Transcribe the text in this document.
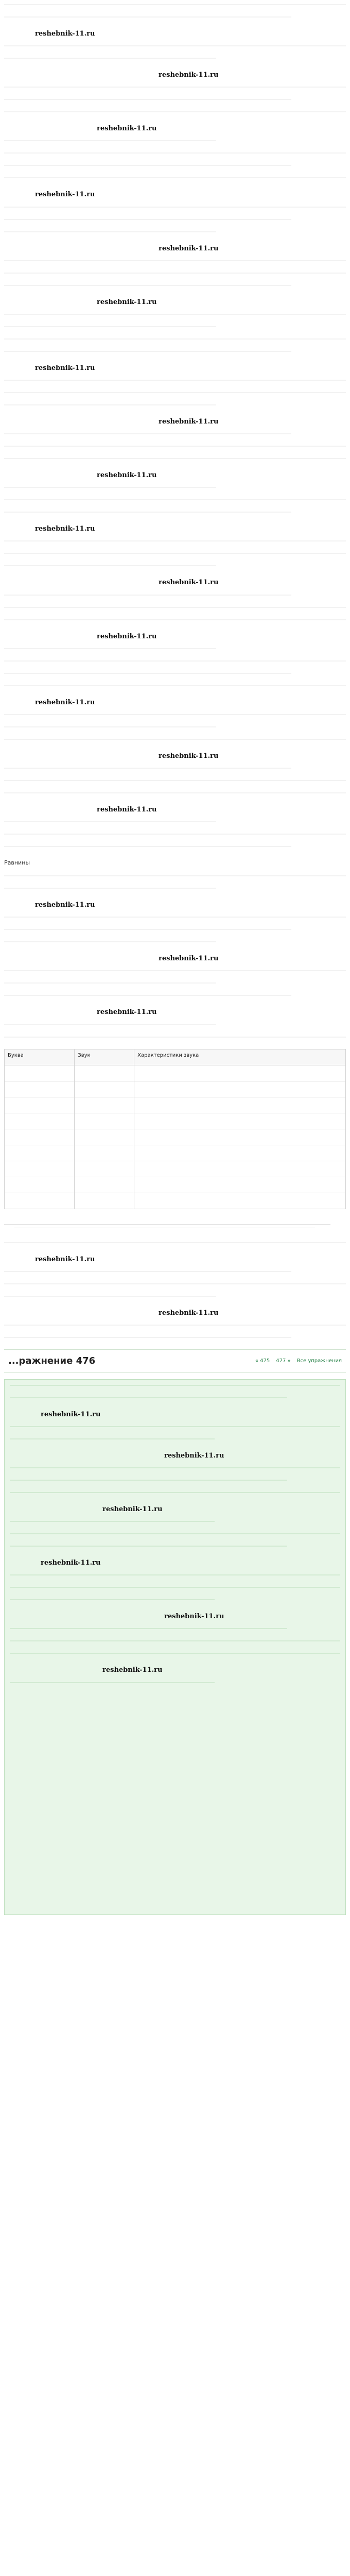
reshebnik-11.ru
reshebnik-11.ru
reshebnik-11.ru
reshebnik-11.ru
reshebnik-11.ru
reshebnik-11.ru
reshebnik-11.ru
reshebnik-11.ru
reshebnik-11.ru
reshebnik-11.ru
reshebnik-11.ru
reshebnik-11.ru
reshebnik-11.ru
reshebnik-11.ru
reshebnik-11.ru

Равнины

reshebnik-11.ru
reshebnik-11.ru
reshebnik-11.ru
Буква	Звук	Характеристики звука

reshebnik-11.ru
reshebnik-11.ru
...ражнение 476	« 475 477 » Все упражнения
reshebnik-11.ru
reshebnik-11.ru
reshebnik-11.ru
reshebnik-11.ru
reshebnik-11.ru
reshebnik-11.ru
